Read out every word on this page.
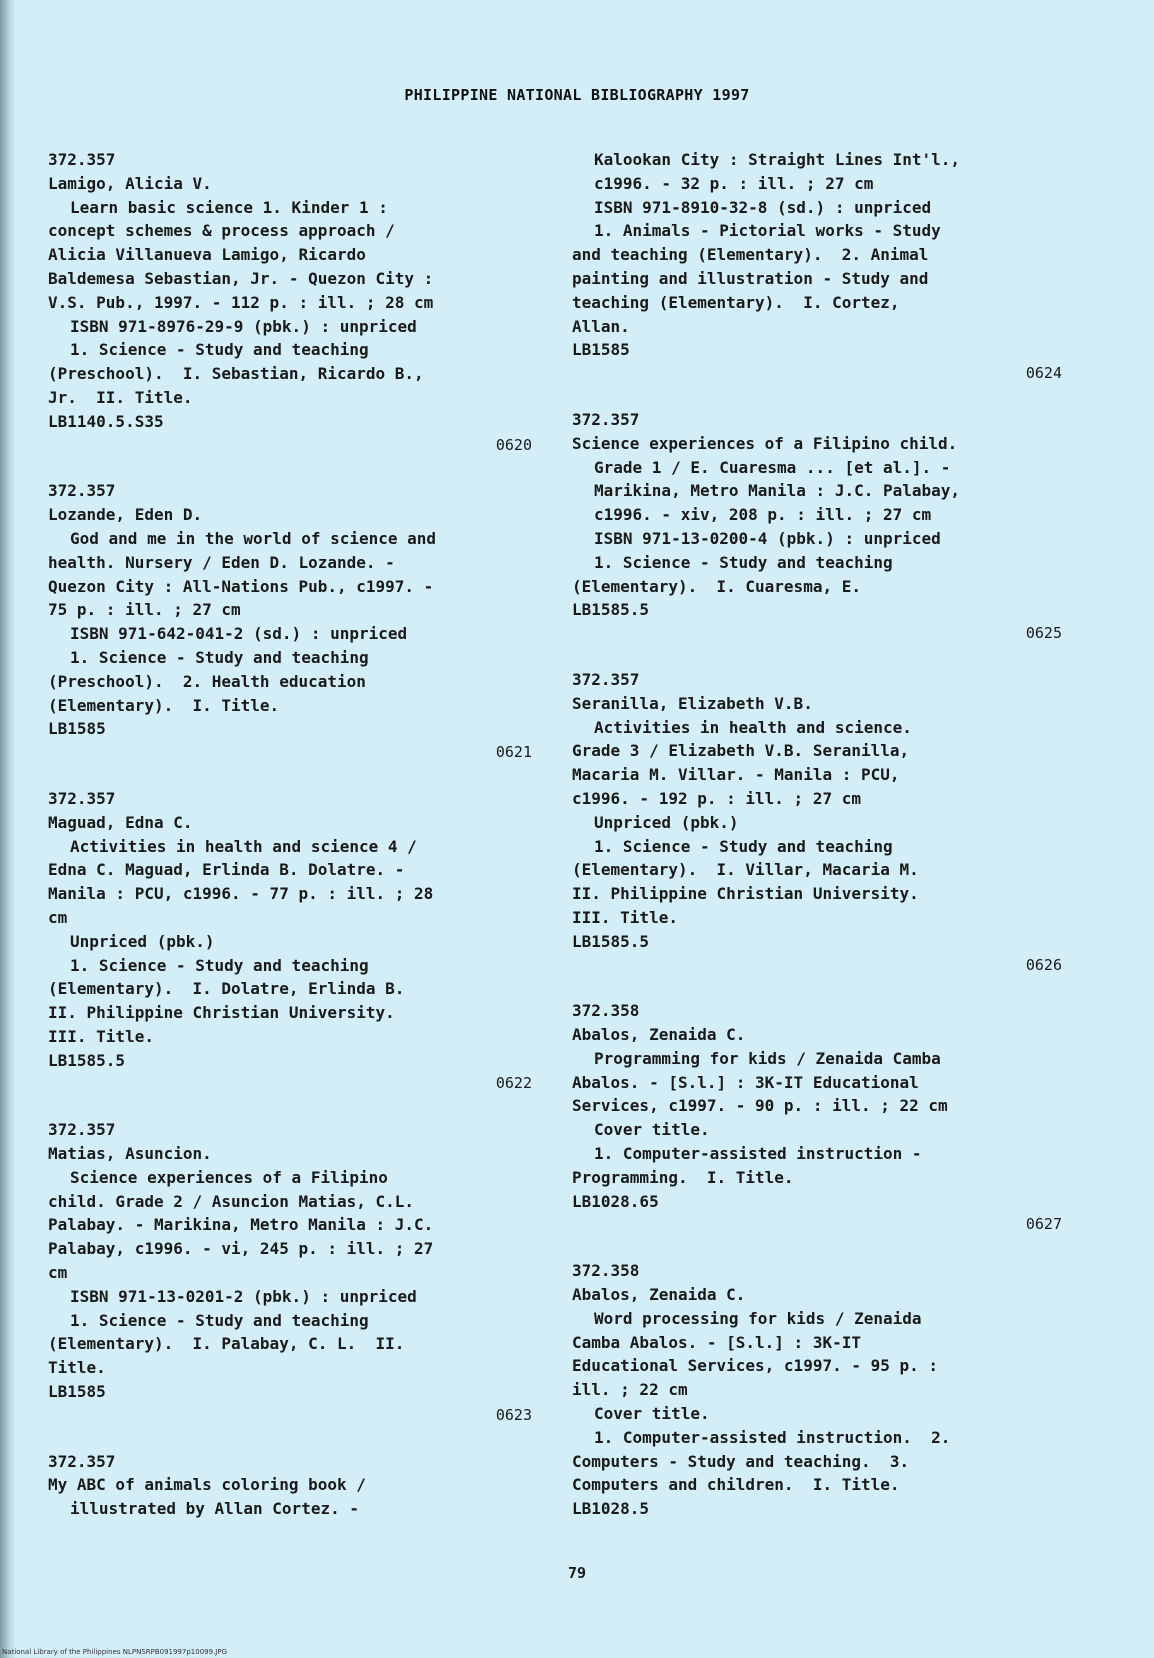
PHILIPPINE NATIONAL BIBLIOGRAPHY 1997
372.357
Lamigo, Alicia V.
Learn basic science 1. Kinder 1 :
concept schemes & process approach /
Alicia Villanueva Lamigo, Ricardo
Baldemesa Sebastian, Jr. - Quezon City :
V.S. Pub., 1997. - 112 p. : ill. ; 28 cm
ISBN 971-8976-29-9 (pbk.) : unpriced
1. Science - Study and teaching
(Preschool).  I. Sebastian, Ricardo B.,
Jr.  II. Title.
LB1140.5.S35
0620
372.357
Lozande, Eden D.
God and me in the world of science and
health. Nursery / Eden D. Lozande. -
Quezon City : All-Nations Pub., c1997. -
75 p. : ill. ; 27 cm
ISBN 971-642-041-2 (sd.) : unpriced
1. Science - Study and teaching
(Preschool).  2. Health education
(Elementary).  I. Title.
LB1585
0621
372.357
Maguad, Edna C.
Activities in health and science 4 /
Edna C. Maguad, Erlinda B. Dolatre. -
Manila : PCU, c1996. - 77 p. : ill. ; 28
cm
Unpriced (pbk.)
1. Science - Study and teaching
(Elementary).  I. Dolatre, Erlinda B.
II. Philippine Christian University.
III. Title.
LB1585.5
0622
372.357
Matias, Asuncion.
Science experiences of a Filipino
child. Grade 2 / Asuncion Matias, C.L.
Palabay. - Marikina, Metro Manila : J.C.
Palabay, c1996. - vi, 245 p. : ill. ; 27
cm
ISBN 971-13-0201-2 (pbk.) : unpriced
1. Science - Study and teaching
(Elementary).  I. Palabay, C. L.  II.
Title.
LB1585
0623
372.357
My ABC of animals coloring book /
illustrated by Allan Cortez. -
Kalookan City : Straight Lines Int'l.,
c1996. - 32 p. : ill. ; 27 cm
ISBN 971-8910-32-8 (sd.) : unpriced
1. Animals - Pictorial works - Study
and teaching (Elementary).  2. Animal
painting and illustration - Study and
teaching (Elementary).  I. Cortez,
Allan.
LB1585
0624
372.357
Science experiences of a Filipino child.
Grade 1 / E. Cuaresma ... [et al.]. -
Marikina, Metro Manila : J.C. Palabay,
c1996. - xiv, 208 p. : ill. ; 27 cm
ISBN 971-13-0200-4 (pbk.) : unpriced
1. Science - Study and teaching
(Elementary).  I. Cuaresma, E.
LB1585.5
0625
372.357
Seranilla, Elizabeth V.B.
Activities in health and science.
Grade 3 / Elizabeth V.B. Seranilla,
Macaria M. Villar. - Manila : PCU,
c1996. - 192 p. : ill. ; 27 cm
Unpriced (pbk.)
1. Science - Study and teaching
(Elementary).  I. Villar, Macaria M.
II. Philippine Christian University.
III. Title.
LB1585.5
0626
372.358
Abalos, Zenaida C.
Programming for kids / Zenaida Camba
Abalos. - [S.l.] : 3K-IT Educational
Services, c1997. - 90 p. : ill. ; 22 cm
Cover title.
1. Computer-assisted instruction -
Programming.  I. Title.
LB1028.65
0627
372.358
Abalos, Zenaida C.
Word processing for kids / Zenaida
Camba Abalos. - [S.l.] : 3K-IT
Educational Services, c1997. - 95 p. :
ill. ; 22 cm
Cover title.
1. Computer-assisted instruction.  2.
Computers - Study and teaching.  3.
Computers and children.  I. Title.
LB1028.5
79
National Library of the Philippines NLPNSRPB091997p10099.JPG
